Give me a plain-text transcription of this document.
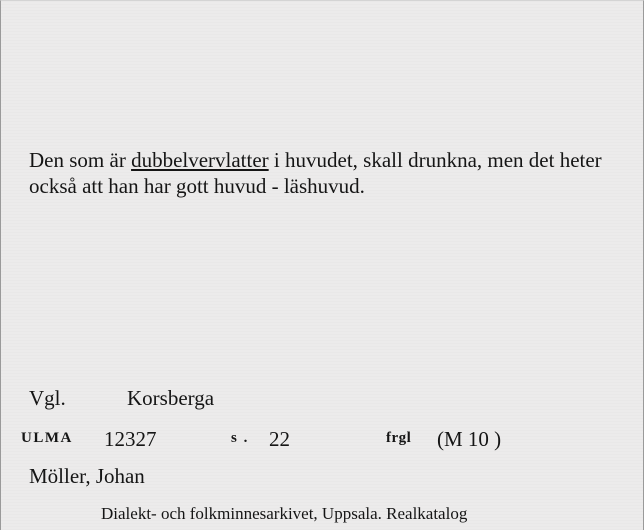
Den som är dubbelvervlatter i huvudet, skall drunkna, men det heter också att han har gott huvud - läshuvud.
Vgl.	Korsberga
ULMA 12327	s . 22	frgl (M 10 )
Möller, Johan
Dialekt- och folkminnesarkivet, Uppsala. Realkatalog
